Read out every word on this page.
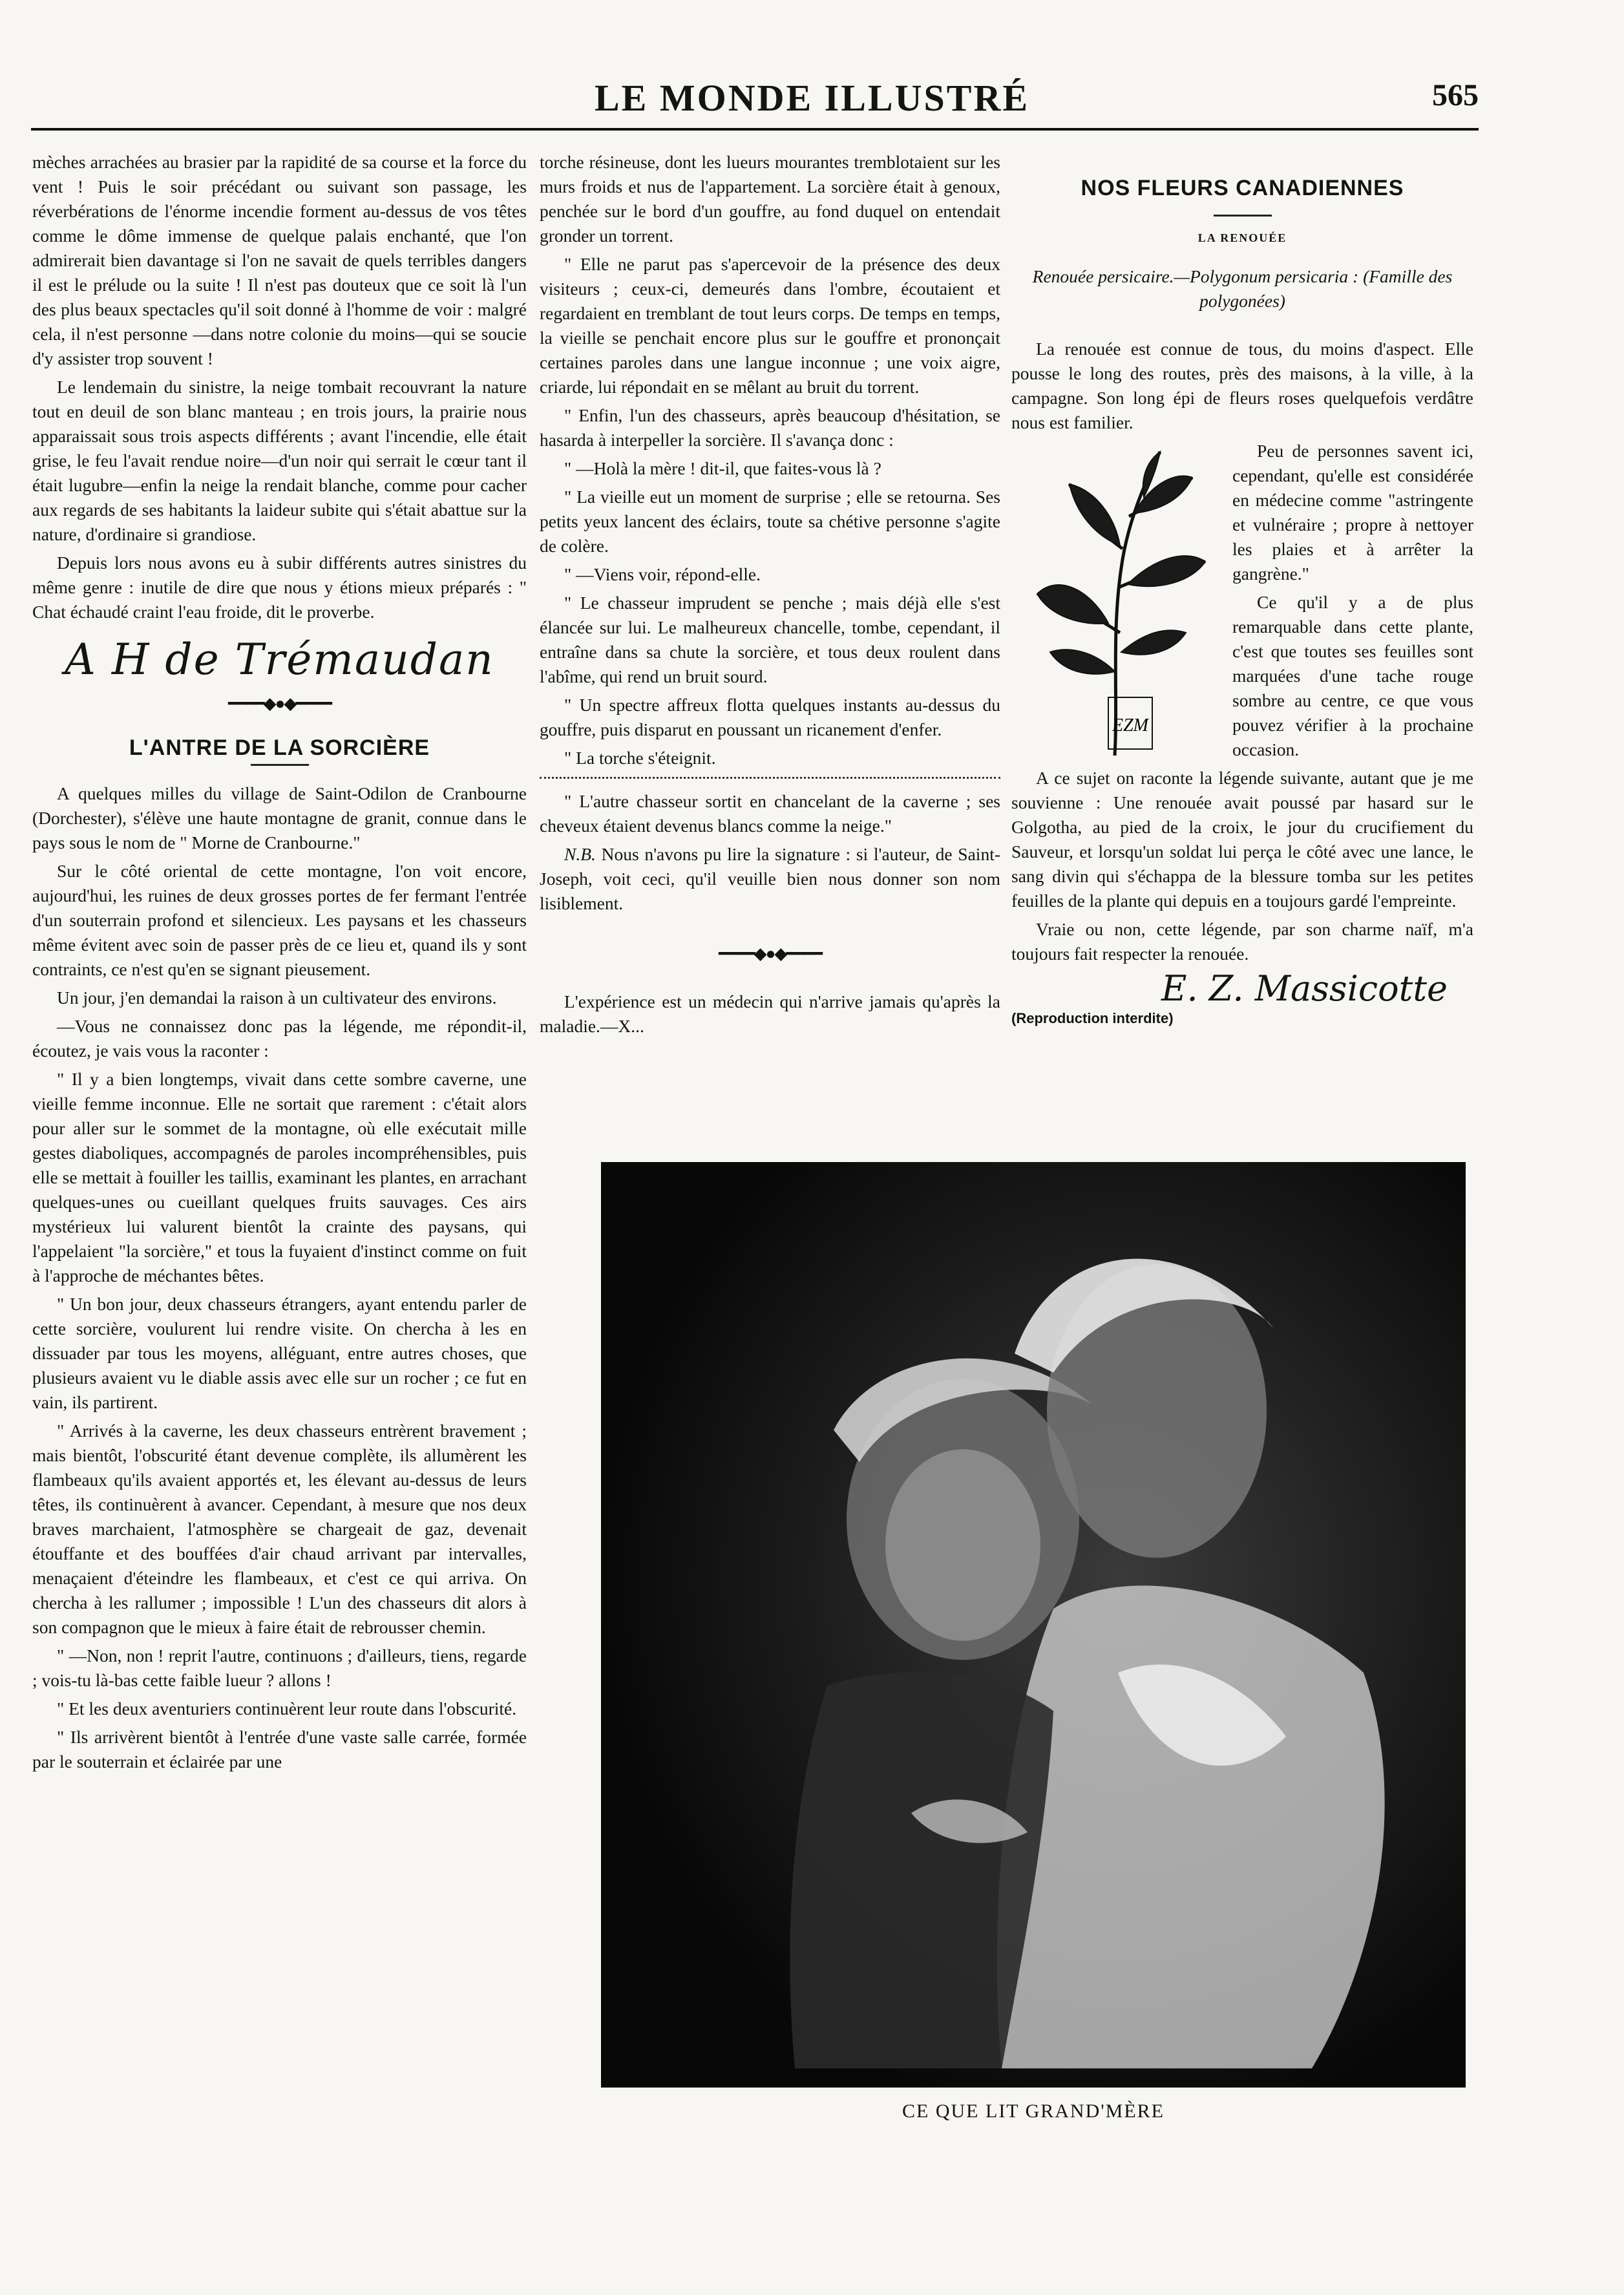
LE MONDE ILLUSTRÉ	565

mèches arrachées au brasier par la rapidité de sa course et la force du vent ! Puis le soir précédant ou suivant son passage, les réverbérations de l'énorme incendie forment au-dessus de vos têtes comme le dôme immense de quelque palais enchanté, que l'on admirerait bien davantage si l'on ne savait de quels terribles dangers il est le prélude ou la suite ! Il n'est pas douteux que ce soit là l'un des plus beaux spectacles qu'il soit donné à l'homme de voir : malgré cela, il n'est personne —dans notre colonie du moins—qui se soucie d'y assister trop souvent !

Le lendemain du sinistre, la neige tombait recouvrant la nature tout en deuil de son blanc manteau ; en trois jours, la prairie nous apparaissait sous trois aspects différents ; avant l'incendie, elle était grise, le feu l'avait rendue noire—d'un noir qui serrait le cœur tant il était lugubre—enfin la neige la rendait blanche, comme pour cacher aux regards de ses habitants la laideur subite qui s'était abattue sur la nature, d'ordinaire si grandiose.

Depuis lors nous avons eu à subir différents autres sinistres du même genre : inutile de dire que nous y étions mieux préparés : " Chat échaudé craint l'eau froide, dit le proverbe.

A H de Trémaudan
━━━━◆●◆━━━━
L'ANTRE DE LA SORCIÈRE

A quelques milles du village de Saint-Odilon de Cranbourne (Dorchester), s'élève une haute montagne de granit, connue dans le pays sous le nom de " Morne de Cranbourne."

Sur le côté oriental de cette montagne, l'on voit encore, aujourd'hui, les ruines de deux grosses portes de fer fermant l'entrée d'un souterrain profond et silencieux. Les paysans et les chasseurs même évitent avec soin de passer près de ce lieu et, quand ils y sont contraints, ce n'est qu'en se signant pieusement.

Un jour, j'en demandai la raison à un cultivateur des environs.

—Vous ne connaissez donc pas la légende, me répondit-il, écoutez, je vais vous la raconter :

" Il y a bien longtemps, vivait dans cette sombre caverne, une vieille femme inconnue. Elle ne sortait que rarement : c'était alors pour aller sur le sommet de la montagne, où elle exécutait mille gestes diaboliques, accompagnés de paroles incompréhensibles, puis elle se mettait à fouiller les taillis, examinant les plantes, en arrachant quelques-unes ou cueillant quelques fruits sauvages. Ces airs mystérieux lui valurent bientôt la crainte des paysans, qui l'appelaient "la sorcière," et tous la fuyaient d'instinct comme on fuit à l'approche de méchantes bêtes.

" Un bon jour, deux chasseurs étrangers, ayant entendu parler de cette sorcière, voulurent lui rendre visite. On chercha à les en dissuader par tous les moyens, alléguant, entre autres choses, que plusieurs avaient vu le diable assis avec elle sur un rocher ; ce fut en vain, ils partirent.

" Arrivés à la caverne, les deux chasseurs entrèrent bravement ; mais bientôt, l'obscurité étant devenue complète, ils allumèrent les flambeaux qu'ils avaient apportés et, les élevant au-dessus de leurs têtes, ils continuèrent à avancer. Cependant, à mesure que nos deux braves marchaient, l'atmosphère se chargeait de gaz, devenait étouffante et des bouffées d'air chaud arrivant par intervalles, menaçaient d'éteindre les flambeaux, et c'est ce qui arriva. On chercha à les rallumer ; impossible ! L'un des chasseurs dit alors à son compagnon que le mieux à faire était de rebrousser chemin.

" —Non, non ! reprit l'autre, continuons ; d'ailleurs, tiens, regarde ; vois-tu là-bas cette faible lueur ? allons !

" Et les deux aventuriers continuèrent leur route dans l'obscurité.

" Ils arrivèrent bientôt à l'entrée d'une vaste salle carrée, formée par le souterrain et éclairée par une

torche résineuse, dont les lueurs mourantes tremblotaient sur les murs froids et nus de l'appartement. La sorcière était à genoux, penchée sur le bord d'un gouffre, au fond duquel on entendait gronder un torrent.

" Elle ne parut pas s'apercevoir de la présence des deux visiteurs ; ceux-ci, demeurés dans l'ombre, écoutaient et regardaient en tremblant de tout leurs corps. De temps en temps, la vieille se penchait encore plus sur le gouffre et prononçait certaines paroles dans une langue inconnue ; une voix aigre, criarde, lui répondait en se mêlant au bruit du torrent.

" Enfin, l'un des chasseurs, après beaucoup d'hésitation, se hasarda à interpeller la sorcière. Il s'avança donc :

" —Holà la mère ! dit-il, que faites-vous là ?

" La vieille eut un moment de surprise ; elle se retourna. Ses petits yeux lancent des éclairs, toute sa chétive personne s'agite de colère.

" —Viens voir, répond-elle.

" Le chasseur imprudent se penche ; mais déjà elle s'est élancée sur lui. Le malheureux chancelle, tombe, cependant, il entraîne dans sa chute la sorcière, et tous deux roulent dans l'abîme, qui rend un bruit sourd.

" Un spectre affreux flotta quelques instants au-dessus du gouffre, puis disparut en poussant un ricanement d'enfer.

" La torche s'éteignit.

" L'autre chasseur sortit en chancelant de la caverne ; ses cheveux étaient devenus blancs comme la neige."

N.B. Nous n'avons pu lire la signature : si l'auteur, de Saint-Joseph, voit ceci, qu'il veuille bien nous donner son nom lisiblement.

━━━━◆●◆━━━━

L'expérience est un médecin qui n'arrive jamais qu'après la maladie.—X...

NOS FLEURS CANADIENNES
LA RENOUÉE
Renouée persicaire.—Polygonum persicaria : (Famille des polygonées)

La renouée est connue de tous, du moins d'aspect. Elle pousse le long des routes, près des maisons, à la ville, à la campagne. Son long épi de fleurs roses quelquefois verdâtre nous est familier.

EZM

Peu de personnes savent ici, cependant, qu'elle est considérée en médecine comme "astringente et vulnéraire ; propre à nettoyer les plaies et à arrêter la gangrène."

Ce qu'il y a de plus remarquable dans cette plante, c'est que toutes ses feuilles sont marquées d'une tache rouge sombre au centre, ce que vous pouvez vérifier à la prochaine occasion.

A ce sujet on raconte la légende suivante, autant que je me souvienne : Une renouée avait poussé par hasard sur le Golgotha, au pied de la croix, le jour du crucifiement du Sauveur, et lorsqu'un soldat lui perça le côté avec une lance, le sang divin qui s'échappa de la blessure tomba sur les petites feuilles de la plante qui depuis en a toujours gardé l'empreinte.

Vraie ou non, cette légende, par son charme naïf, m'a toujours fait respecter la renouée.

E. Z. Massicotte
(Reproduction interdite)
CE QUE LIT GRAND'MÈRE
